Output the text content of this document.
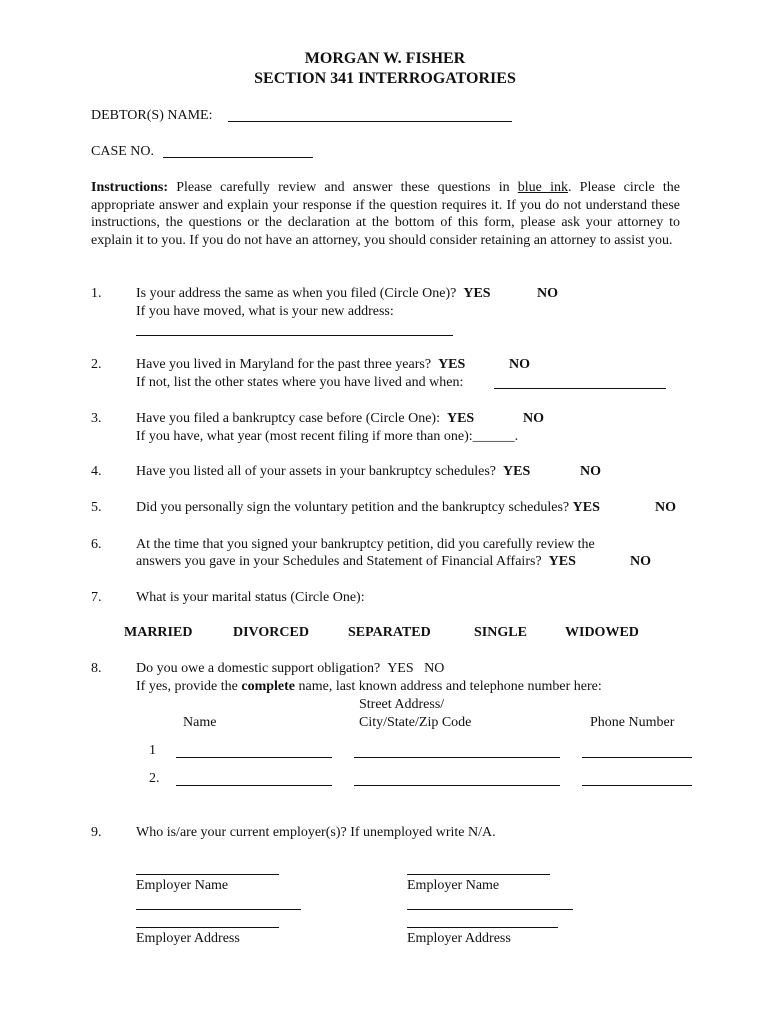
MORGAN W. FISHER
SECTION 341 INTERROGATORIES
DEBTOR(S) NAME:
CASE NO.
Instructions: Please carefully review and answer these questions in blue ink. Please circle the appropriate answer and explain your response if the question requires it. If you do not understand these instructions, the questions or the declaration at the bottom of this form, please ask your attorney to explain it to you. If you do not have an attorney, you should consider retaining an attorney to assist you.
1. Is your address the same as when you filed (Circle One)? YES	NO
If you have moved, what is your new address:
2. Have you lived in Maryland for the past three years? YES	NO
If not, list the other states where you have lived and when:
3. Have you filed a bankruptcy case before (Circle One): YES	NO
If you have, what year (most recent filing if more than one):______.
4. Have you listed all of your assets in your bankruptcy schedules? YES	NO
5. Did you personally sign the voluntary petition and the bankruptcy schedules? YES	NO
6. At the time that you signed your bankruptcy petition, did you carefully review the
answers you gave in your Schedules and Statement of Financial Affairs? YES	NO
7. What is your marital status (Circle One):
MARRIED	DIVORCED	SEPARATED	SINGLE	WIDOWED
8. Do you owe a domestic support obligation? YES NO
If yes, provide the complete name, last known address and telephone number here:
Street Address/
Name	City/State/Zip Code	Phone Number
1
2.
9. Who is/are your current employer(s)? If unemployed write N/A.
Employer Name	Employer Name
Employer Address	Employer Address
